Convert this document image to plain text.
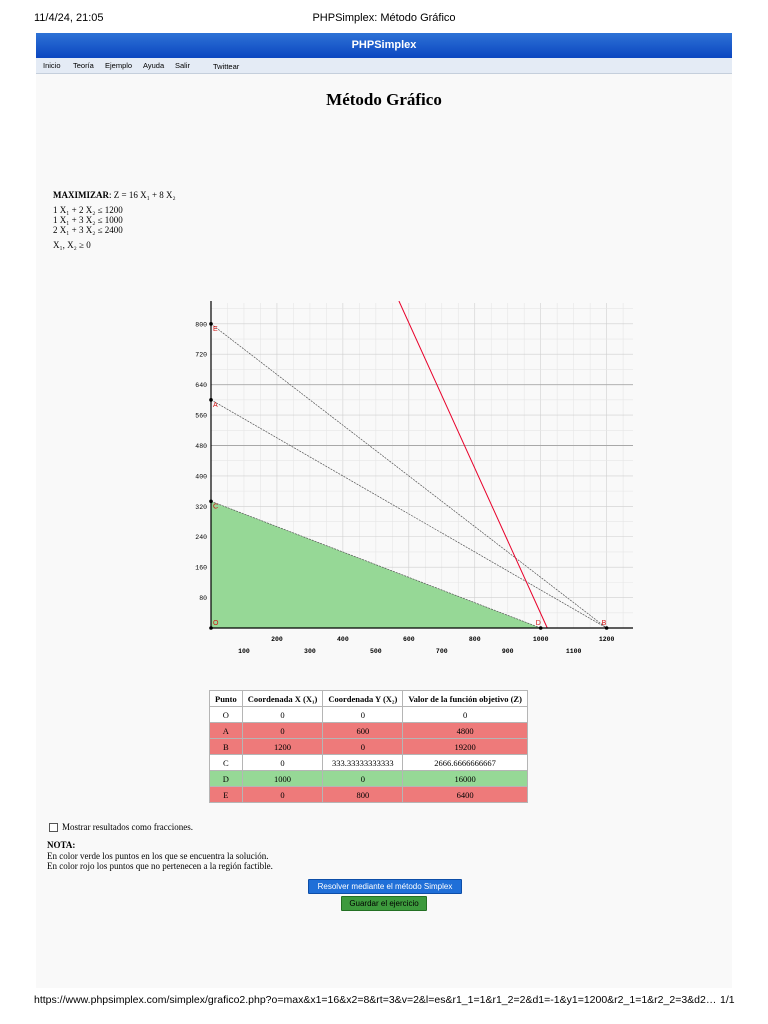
11/4/24, 21:05	PHPSimplex: Método Gráfico
PHPSimplex
Inicio Teoría Ejemplo Ayuda Salir	Twittear
Método Gráfico
MAXIMIZAR: Z = 16 X₁ + 8 X₂
1 X₁ + 2 X₂ ≤ 1200
1 X₁ + 3 X₂ ≤ 1000
2 X₁ + 3 X₂ ≤ 2400
X₁, X₂ ≥ 0
800
720
640
560
480
400
320
240
160
80
200	400	600	800	1000	1200
100	300	500	700	900	1100
O
E
A
C
D	B
Punto	Coordenada X (X₁)	Coordenada Y (X₂)	Valor de la función objetivo (Z)
O	0	0	0
A	0	600	4800
B	1200	0	19200
C	0	333.33333333333	2666.6666666667
D	1000	0	16000
E	0	800	6400
Mostrar resultados como fracciones.
NOTA:
En color verde los puntos en los que se encuentra la solución.
En color rojo los puntos que no pertenecen a la región factible.
Resolver mediante el método Simplex
Guardar el ejercicio
https://www.phpsimplex.com/simplex/grafico2.php?o=max&x1=16&x2=8&rt=3&v=2&l=es&r1_1=1&r1_2=2&d1=-1&y1=1200&r2_1=1&r2_2=3&d2… 1/1
